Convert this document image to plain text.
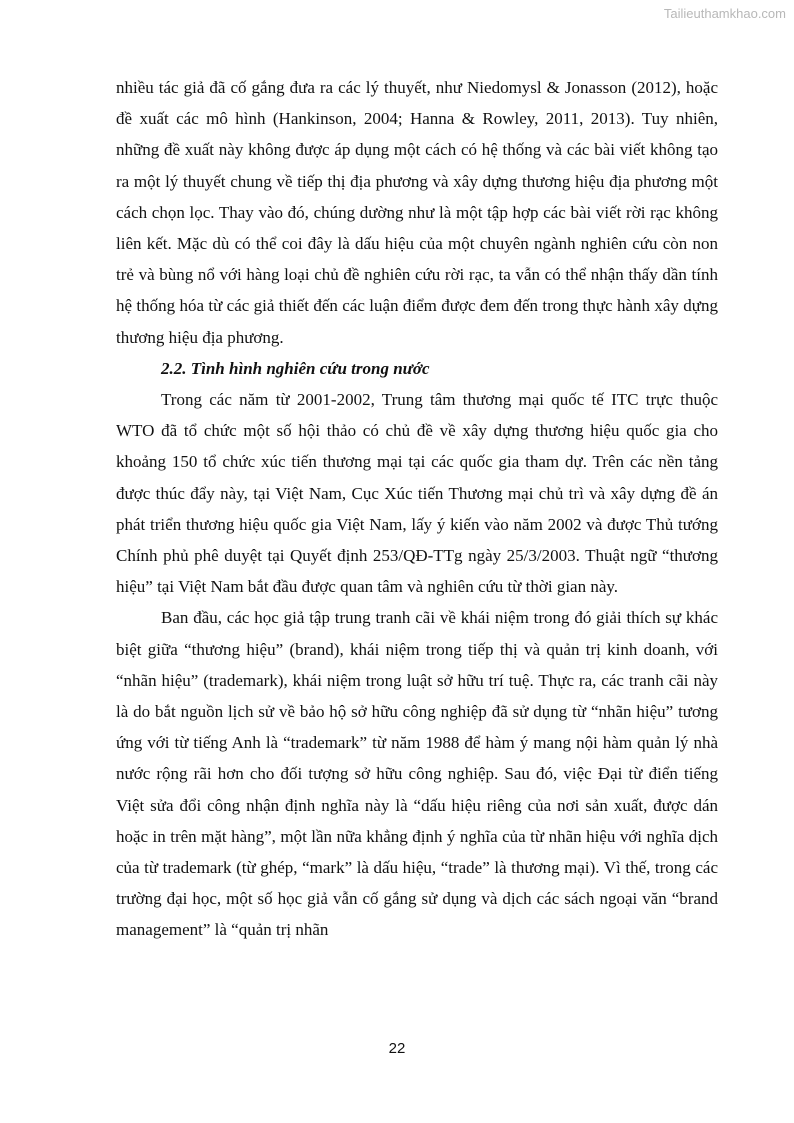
Tailieuthamkhao.com

nhiều tác giả đã cố gắng đưa ra các lý thuyết, như Niedomysl & Jonasson (2012), hoặc đề xuất các mô hình (Hankinson, 2004; Hanna & Rowley, 2011, 2013). Tuy nhiên, những đề xuất này không được áp dụng một cách có hệ thống và các bài viết không tạo ra một lý thuyết chung về tiếp thị địa phương và xây dựng thương hiệu địa phương một cách chọn lọc. Thay vào đó, chúng dường như là một tập hợp các bài viết rời rạc không liên kết. Mặc dù có thể coi đây là dấu hiệu của một chuyên ngành nghiên cứu còn non trẻ và bùng nổ với hàng loại chủ đề nghiên cứu rời rạc, ta vẫn có thể nhận thấy dần tính hệ thống hóa từ các giả thiết đến các luận điểm được đem đến trong thực hành xây dựng thương hiệu địa phương.

2.2. Tình hình nghiên cứu trong nước

Trong các năm từ 2001-2002, Trung tâm thương mại quốc tế ITC trực thuộc WTO đã tổ chức một số hội thảo có chủ đề về xây dựng thương hiệu quốc gia cho khoảng 150 tổ chức xúc tiến thương mại tại các quốc gia tham dự. Trên các nền tảng được thúc đẩy này, tại Việt Nam, Cục Xúc tiến Thương mại chủ trì và xây dựng đề án phát triển thương hiệu quốc gia Việt Nam, lấy ý kiến vào năm 2002 và được Thủ tướng Chính phủ phê duyệt tại Quyết định 253/QĐ-TTg ngày 25/3/2003. Thuật ngữ “thương hiệu” tại Việt Nam bắt đầu được quan tâm và nghiên cứu từ thời gian này.

Ban đầu, các học giả tập trung tranh cãi về khái niệm trong đó giải thích sự khác biệt giữa “thương hiệu” (brand), khái niệm trong tiếp thị và quản trị kinh doanh, với “nhãn hiệu” (trademark), khái niệm trong luật sở hữu trí tuệ. Thực ra, các tranh cãi này là do bắt nguồn lịch sử về bảo hộ sở hữu công nghiệp đã sử dụng từ “nhãn hiệu” tương ứng với từ tiếng Anh là “trademark” từ năm 1988 để hàm ý mang nội hàm quản lý nhà nước rộng rãi hơn cho đối tượng sở hữu công nghiệp. Sau đó, việc Đại từ điển tiếng Việt sửa đổi công nhận định nghĩa này là “dấu hiệu riêng của nơi sản xuất, được dán hoặc in trên mặt hàng”, một lần nữa khẳng định ý nghĩa của từ nhãn hiệu với nghĩa dịch của từ trademark (từ ghép, “mark” là dấu hiệu, “trade” là thương mại). Vì thế, trong các trường đại học, một số học giả vẫn cố gắng sử dụng và dịch các sách ngoại văn “brand management” là “quản trị nhãn

22
